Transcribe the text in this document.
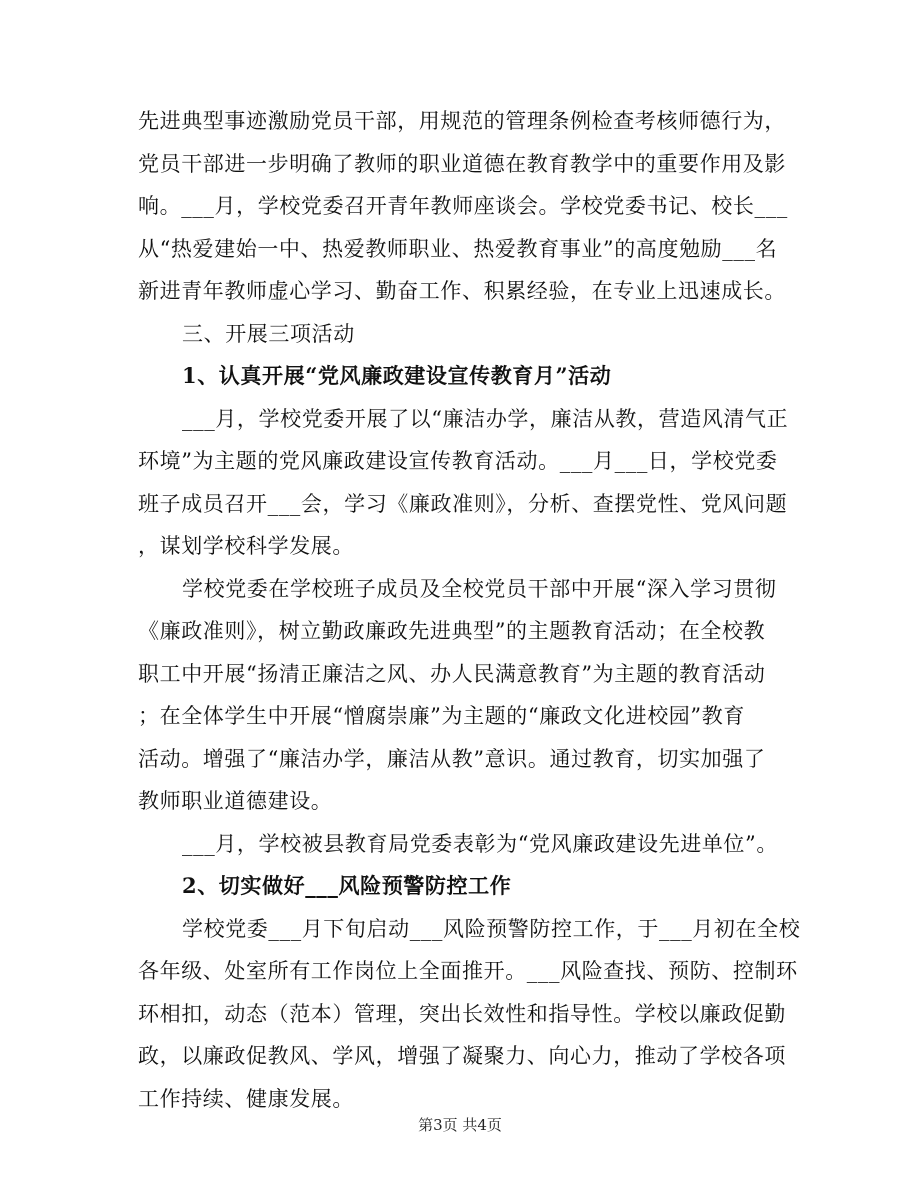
先进典型事迹激励党员干部，用规范的管理条例检查考核师德行为，
党员干部进一步明确了教师的职业道德在教育教学中的重要作用及影
响。___月，学校党委召开青年教师座谈会。学校党委书记、校长___
从“热爱建始一中、热爱教师职业、热爱教育事业”的高度勉励___名
新进青年教师虚心学习、勤奋工作、积累经验，在专业上迅速成长。
三、开展三项活动
1、认真开展“党风廉政建设宣传教育月”活动
___月，学校党委开展了以“廉洁办学，廉洁从教，营造风清气正
环境”为主题的党风廉政建设宣传教育活动。___月___日，学校党委
班子成员召开___会，学习《廉政准则》，分析、查摆党性、党风问题
，谋划学校科学发展。
学校党委在学校班子成员及全校党员干部中开展“深入学习贯彻
《廉政准则》，树立勤政廉政先进典型”的主题教育活动；在全校教
职工中开展“扬清正廉洁之风、办人民满意教育”为主题的教育活动
；在全体学生中开展“憎腐崇廉”为主题的“廉政文化进校园”教育
活动。增强了“廉洁办学，廉洁从教”意识。通过教育，切实加强了
教师职业道德建设。
___月，学校被县教育局党委表彰为“党风廉政建设先进单位”。
2、切实做好___风险预警防控工作
学校党委___月下旬启动___风险预警防控工作，于___月初在全校
各年级、处室所有工作岗位上全面推开。___风险查找、预防、控制环
环相扣，动态（范本）管理，突出长效性和指导性。学校以廉政促勤
政，以廉政促教风、学风，增强了凝聚力、向心力，推动了学校各项
工作持续、健康发展。
第3页 共4页
